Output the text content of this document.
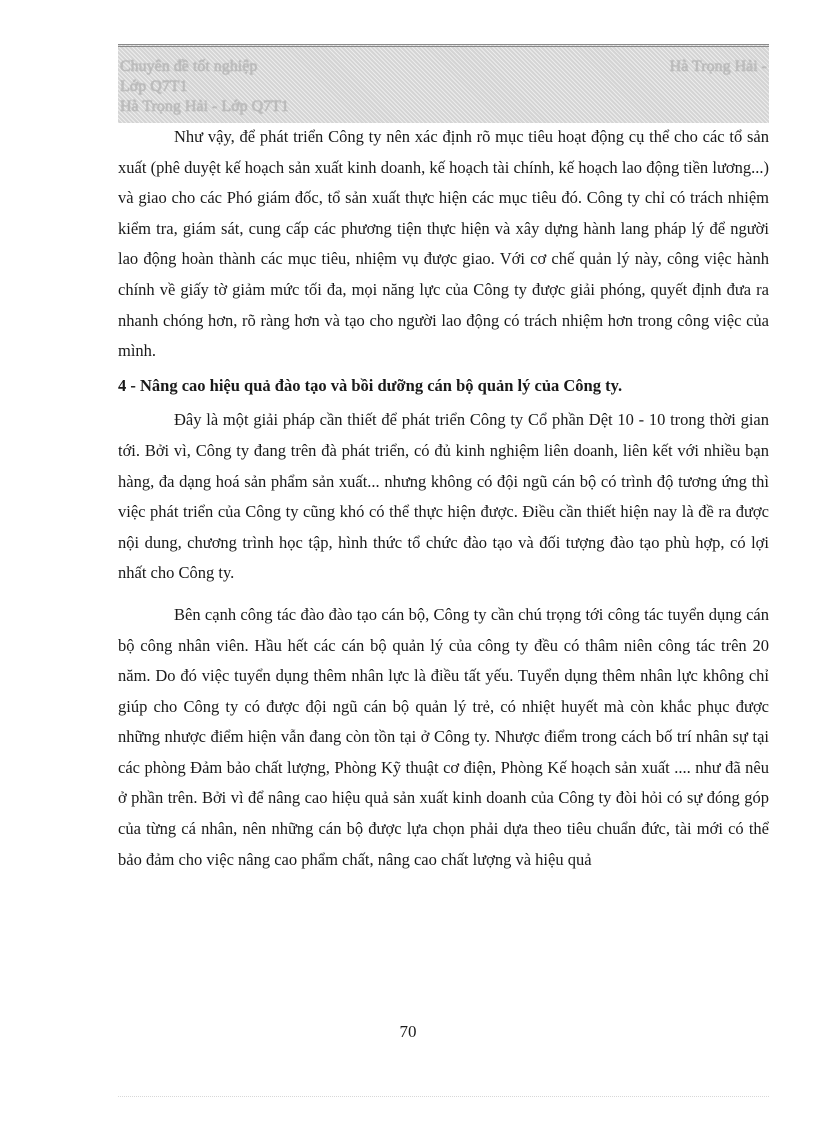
Chuyên đề tốt nghiệp	Hà Trọng Hải -
Lớp Q7T1
Hà Trọng Hải - Lớp Q7T1

Như vậy, để phát triển Công ty nên xác định rõ mục tiêu hoạt động cụ thể cho các tổ sản xuất (phê duyệt kế hoạch sản xuất kinh doanh, kế hoạch tài chính, kế hoạch lao động tiền lương...) và giao cho các Phó giám đốc, tổ sản xuất thực hiện các mục tiêu đó. Công ty chỉ có trách nhiệm kiểm tra, giám sát, cung cấp các phương tiện thực hiện và xây dựng hành lang pháp lý để người lao động hoàn thành các mục tiêu, nhiệm vụ được giao. Với cơ chế quản lý này, công việc hành chính về giấy tờ giảm mức tối đa, mọi năng lực của Công ty được giải phóng, quyết định đưa ra nhanh chóng hơn, rõ ràng hơn và tạo cho người lao động có trách nhiệm hơn trong công việc của mình.

4 - Nâng cao hiệu quả đào tạo và bồi dưỡng cán bộ quản lý của Công ty.

Đây là một giải pháp cần thiết để phát triển Công ty Cổ phần Dệt 10 - 10 trong thời gian tới. Bởi vì, Công ty đang trên đà phát triển, có đủ kinh nghiệm liên doanh, liên kết với nhiều bạn hàng, đa dạng hoá sản phẩm sản xuất... nhưng không có đội ngũ cán bộ có trình độ tương ứng thì việc phát triển của Công ty cũng khó có thể thực hiện được. Điều cần thiết hiện nay là đề ra được nội dung, chương trình học tập, hình thức tổ chức đào tạo và đối tượng đào tạo phù hợp, có lợi nhất cho Công ty.

Bên cạnh công tác đào đào tạo cán bộ, Công ty cần chú trọng tới công tác tuyển dụng cán bộ công nhân viên. Hầu hết các cán bộ quản lý của công ty đều có thâm niên công tác trên 20 năm. Do đó việc tuyển dụng thêm nhân lực là điều tất yếu. Tuyển dụng thêm nhân lực không chỉ giúp cho Công ty có được đội ngũ cán bộ quản lý trẻ, có nhiệt huyết mà còn khắc phục được những nhược điểm hiện vẫn đang còn tồn tại ở Công ty. Nhược điểm trong cách bố trí nhân sự tại các phòng Đảm bảo chất lượng, Phòng Kỹ thuật cơ điện, Phòng Kế hoạch sản xuất .... như đã nêu ở phần trên. Bởi vì để nâng cao hiệu quả sản xuất kinh doanh của Công ty đòi hỏi có sự đóng góp của từng cá nhân, nên những cán bộ được lựa chọn phải dựa theo tiêu chuẩn đức, tài mới có thể bảo đảm cho việc nâng cao phẩm chất, nâng cao chất lượng và hiệu quả

70
